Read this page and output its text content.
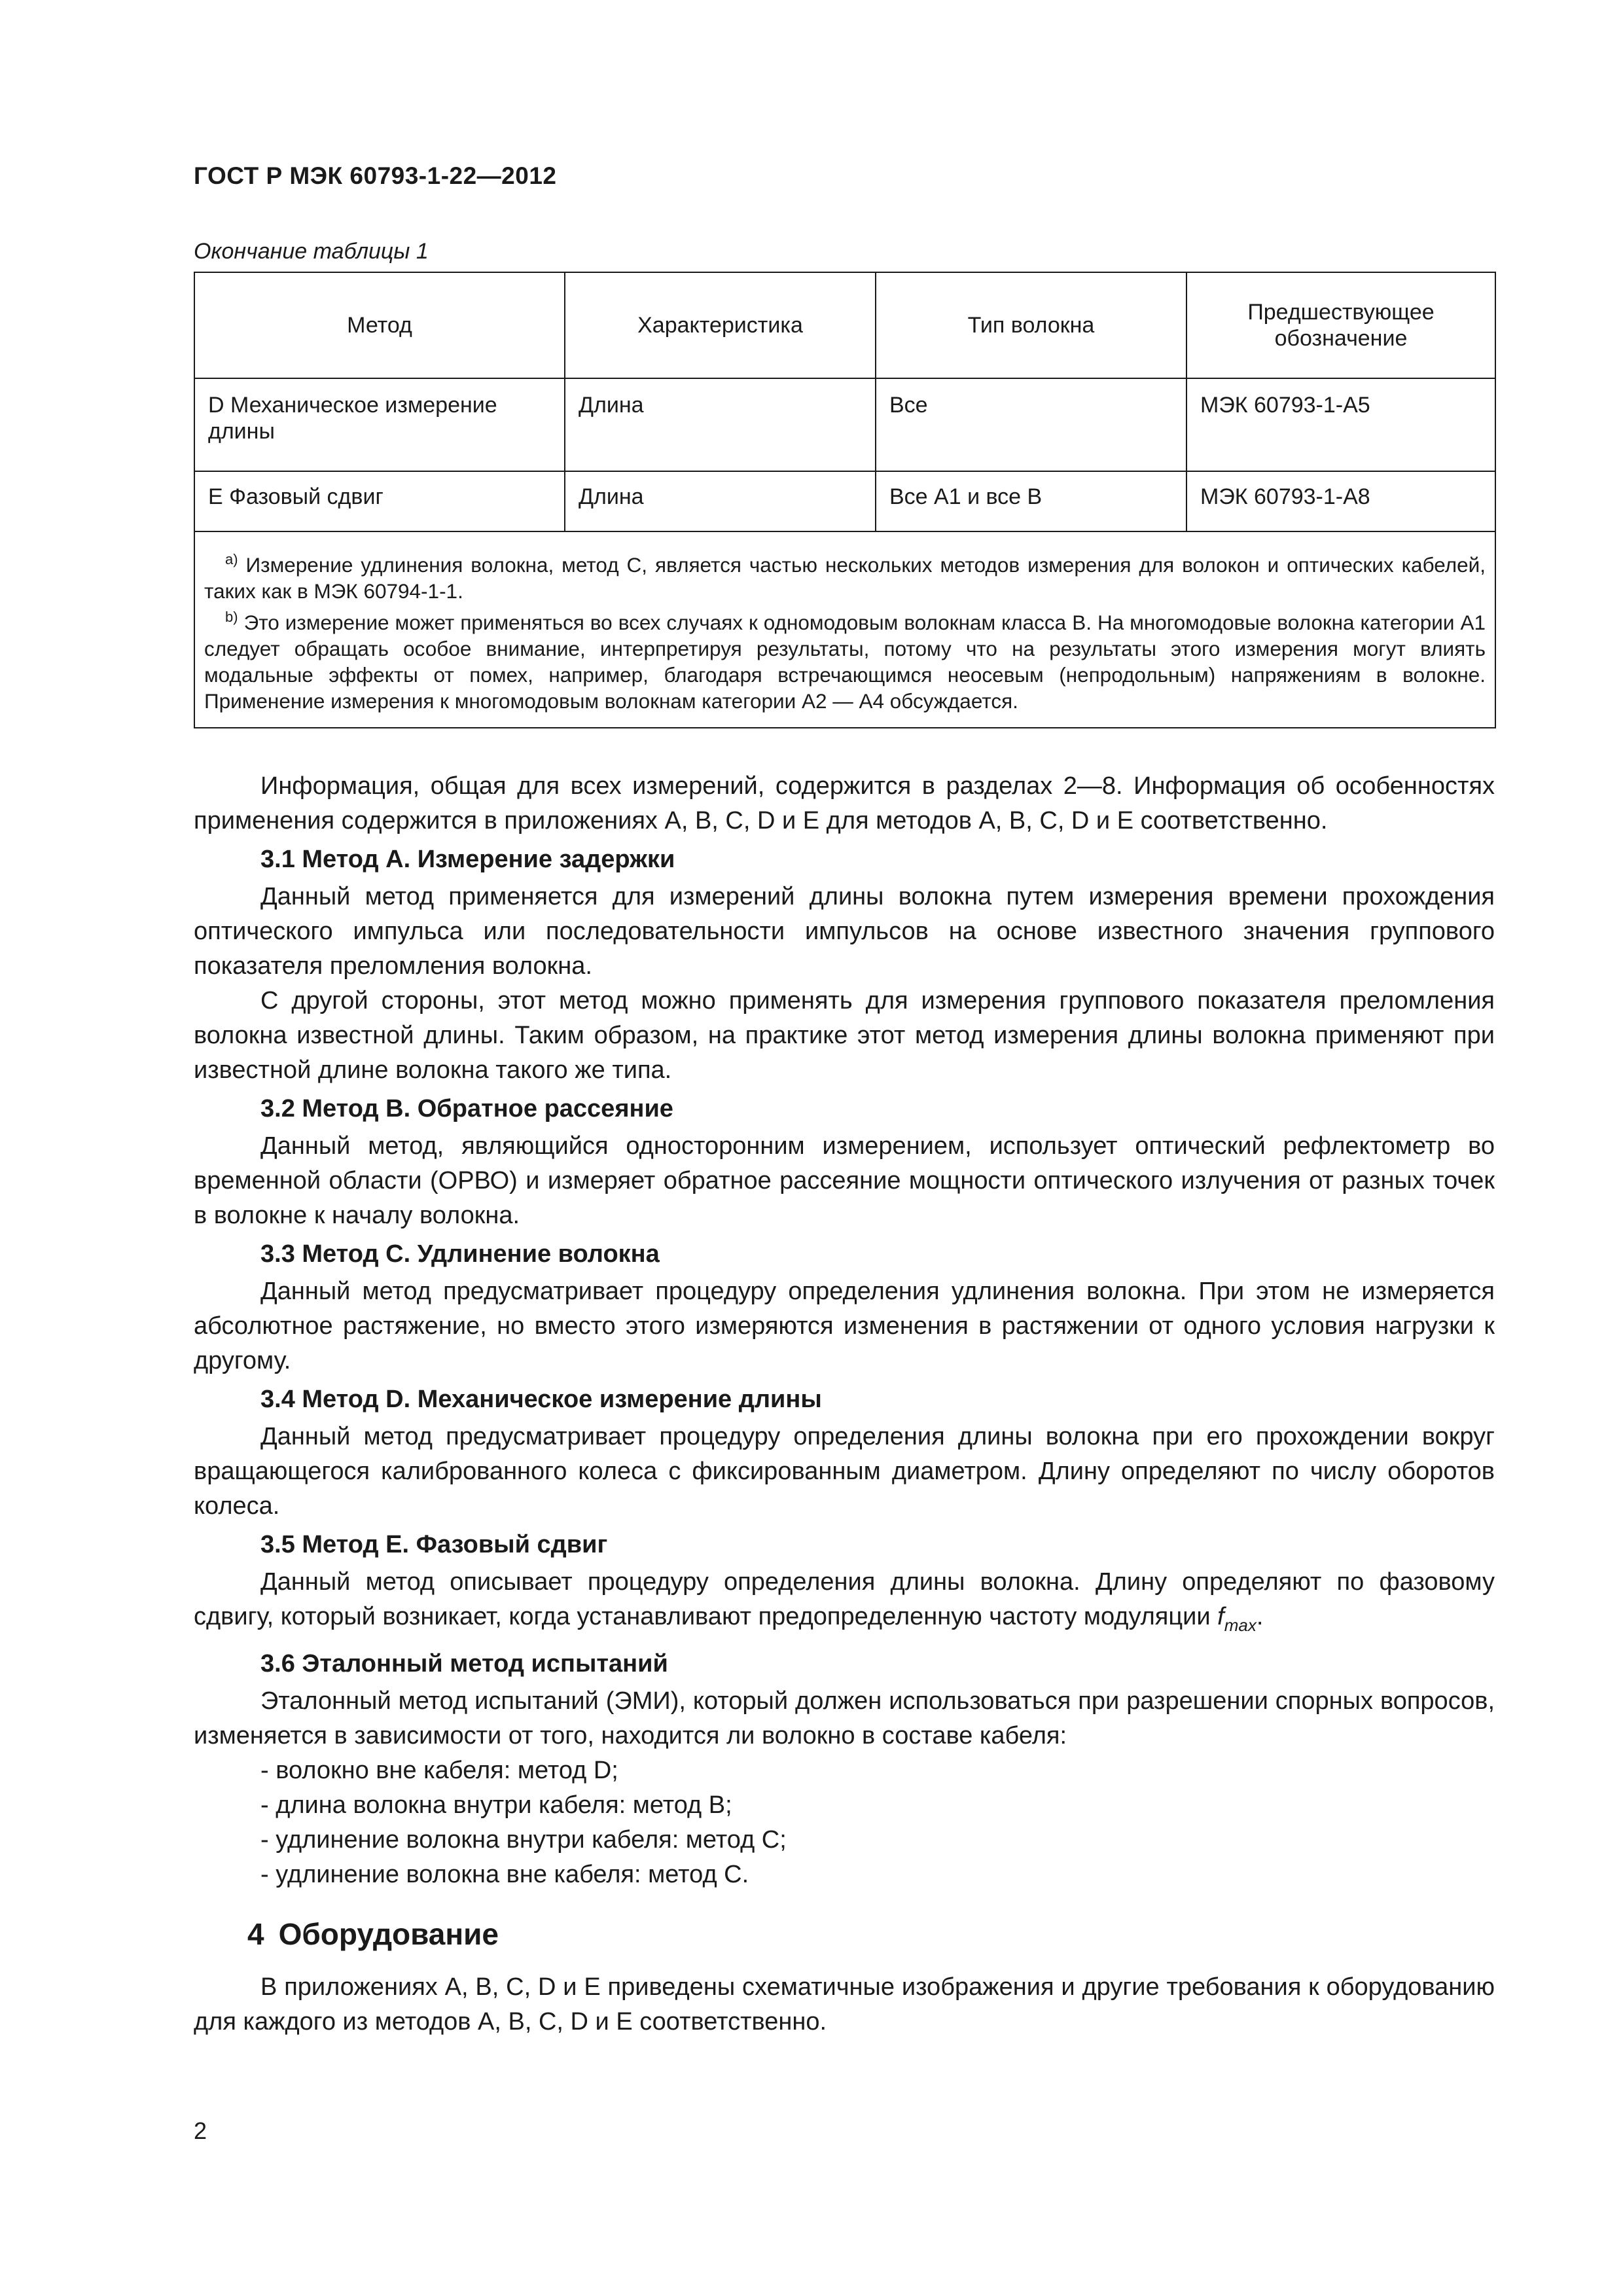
ГОСТ Р МЭК 60793-1-22—2012
Окончание таблицы 1
Метод	Характеристика	Тип волокна	Предшествующее обозначение
D Механическое измерение длины	Длина	Все	МЭК 60793-1-А5
E Фазовый сдвиг	Длина	Все A1 и все B	МЭК 60793-1-А8

$^{a)}$ Измерение удлинения волокна, метод С, является частью нескольких методов измерения для волокон и оптических кабелей, таких как в МЭК 60794-1-1.
$^{b)}$ Это измерение может применяться во всех случаях к одномодовым волокнам класса В. На многомодовые волокна категории А1 следует обращать особое внимание, интерпретируя результаты, потому что на результаты этого измерения могут влиять модальные эффекты от помех, например, благодаря встречающимся неосевым (непродольным) напряжениям в волокне. Применение измерения к многомодовым волокнам категории А2 — А4 обсуждается.			

Информация, общая для всех измерений, содержится в разделах 2—8. Информация об особенностях применения содержится в приложениях А, В, С, D и Е для методов А, В, С, D и Е соответственно.

3.1 Метод А. Измерение задержки

Данный метод применяется для измерений длины волокна путем измерения времени прохождения оптического импульса или последовательности импульсов на основе известного значения группового показателя преломления волокна.

С другой стороны, этот метод можно применять для измерения группового показателя преломления волокна известной длины. Таким образом, на практике этот метод измерения длины волокна применяют при известной длине волокна такого же типа.

3.2 Метод В. Обратное рассеяние

Данный метод, являющийся односторонним измерением, использует оптический рефлектометр во временной области (ОРВО) и измеряет обратное рассеяние мощности оптического излучения от разных точек в волокне к началу волокна.

3.3 Метод С. Удлинение волокна

Данный метод предусматривает процедуру определения удлинения волокна. При этом не измеряется абсолютное растяжение, но вместо этого измеряются изменения в растяжении от одного условия нагрузки к другому.

3.4 Метод D. Механическое измерение длины

Данный метод предусматривает процедуру определения длины волокна при его прохождении вокруг вращающегося калиброванного колеса с фиксированным диаметром. Длину определяют по числу оборотов колеса.

3.5 Метод E. Фазовый сдвиг

Данный метод описывает процедуру определения длины волокна. Длину определяют по фазовому сдвигу, который возникает, когда устанавливают предопределенную частоту модуляции $f_{max}$.

3.6 Эталонный метод испытаний

Эталонный метод испытаний (ЭМИ), который должен использоваться при разрешении спорных вопросов, изменяется в зависимости от того, находится ли волокно в составе кабеля:

- волокно вне кабеля: метод D;
- длина волокна внутри кабеля: метод В;
- удлинение волокна внутри кабеля: метод С;
- удлинение волокна вне кабеля: метод С.
4 Оборудование

В приложениях А, В, С, D и Е приведены схематичные изображения и другие требования к оборудованию для каждого из методов А, В, С, D и Е соответственно.

2
